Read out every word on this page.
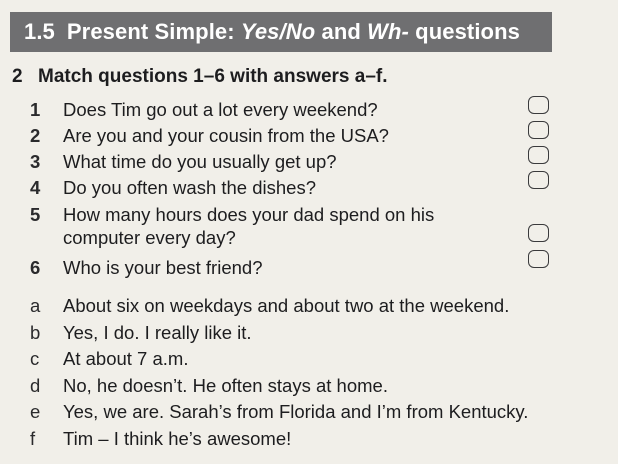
1.5 Present Simple: Yes/No and Wh- questions
2 Match questions 1–6 with answers a–f.
1	Does Tim go out a lot every weekend?
2	Are you and your cousin from the USA?
3	What time do you usually get up?
4	Do you often wash the dishes?
5	How many hours does your dad spend on his
computer every day?
6	Who is your best friend?
a	About six on weekdays and about two at the weekend.
b	Yes, I do. I really like it.
c	At about 7 a.m.
d	No, he doesn’t. He often stays at home.
e	Yes, we are. Sarah’s from Florida and I’m from Kentucky.
f	Tim – I think he’s awesome!
